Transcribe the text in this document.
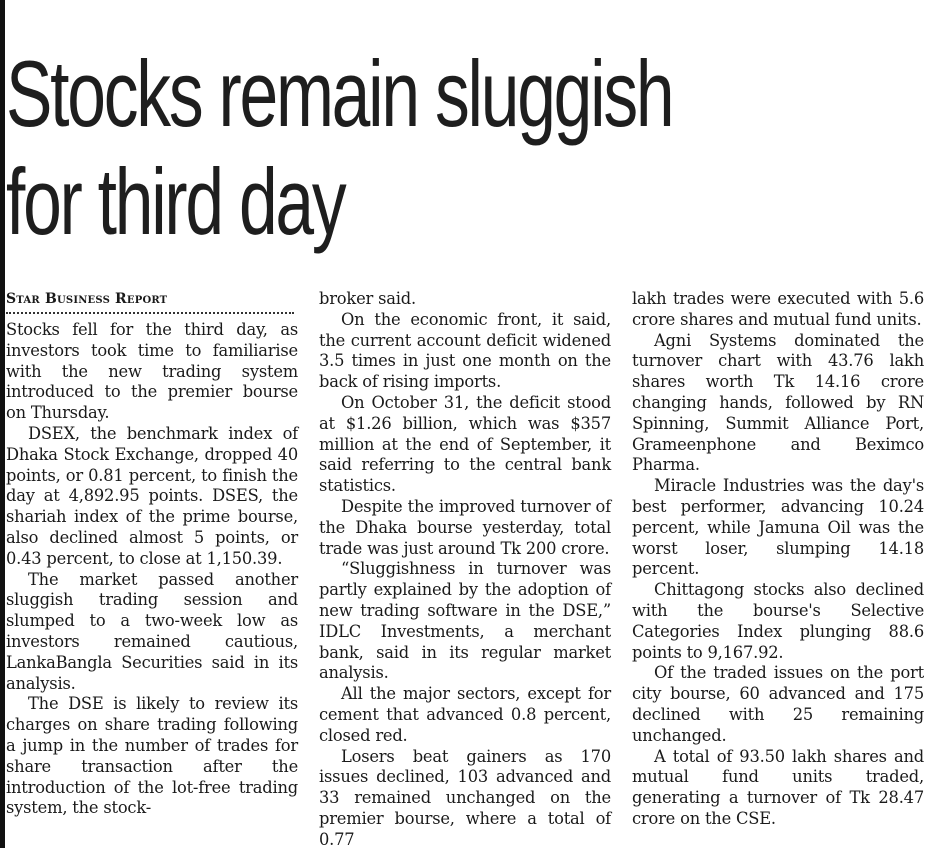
Stocks remain sluggish
for third day
Star Business Report

Stocks fell for the third day, as investors took time to familiarise with the new trading system introduced to the premier bourse on Thursday.

DSEX, the benchmark index of Dhaka Stock Exchange, dropped 40 points, or 0.81 percent, to finish the day at 4,892.95 points. DSES, the shariah index of the prime bourse, also declined almost 5 points, or 0.43 percent, to close at 1,150.39.

The market passed another sluggish trading session and slumped to a two-week low as investors remained cautious, LankaBangla Securities said in its analysis.

The DSE is likely to review its charges on share trading following a jump in the number of trades for share transaction after the introduction of the lot-free trading system, the stock-

broker said.

On the economic front, it said, the current account deficit widened 3.5 times in just one month on the back of rising imports.

On October 31, the deficit stood at $1.26 billion, which was $357 million at the end of September, it said referring to the central bank statistics.

Despite the improved turnover of the Dhaka bourse yesterday, total trade was just around Tk 200 crore.

“Sluggishness in turnover was partly explained by the adoption of new trading software in the DSE,” IDLC Investments, a merchant bank, said in its regular market analysis.

All the major sectors, except for cement that advanced 0.8 percent, closed red.

Losers beat gainers as 170 issues declined, 103 advanced and 33 remained unchanged on the premier bourse, where a total of 0.77

lakh trades were executed with 5.6 crore shares and mutual fund units.

Agni Systems dominated the turnover chart with 43.76 lakh shares worth Tk 14.16 crore changing hands, followed by RN Spinning, Summit Alliance Port, Grameenphone and Beximco Pharma.

Miracle Industries was the day's best performer, advancing 10.24 percent, while Jamuna Oil was the worst loser, slumping 14.18 percent.

Chittagong stocks also declined with the bourse's Selective Categories Index plunging 88.6 points to 9,167.92.

Of the traded issues on the port city bourse, 60 advanced and 175 declined with 25 remaining unchanged.

A total of 93.50 lakh shares and mutual fund units traded, generating a turnover of Tk 28.47 crore on the CSE.
